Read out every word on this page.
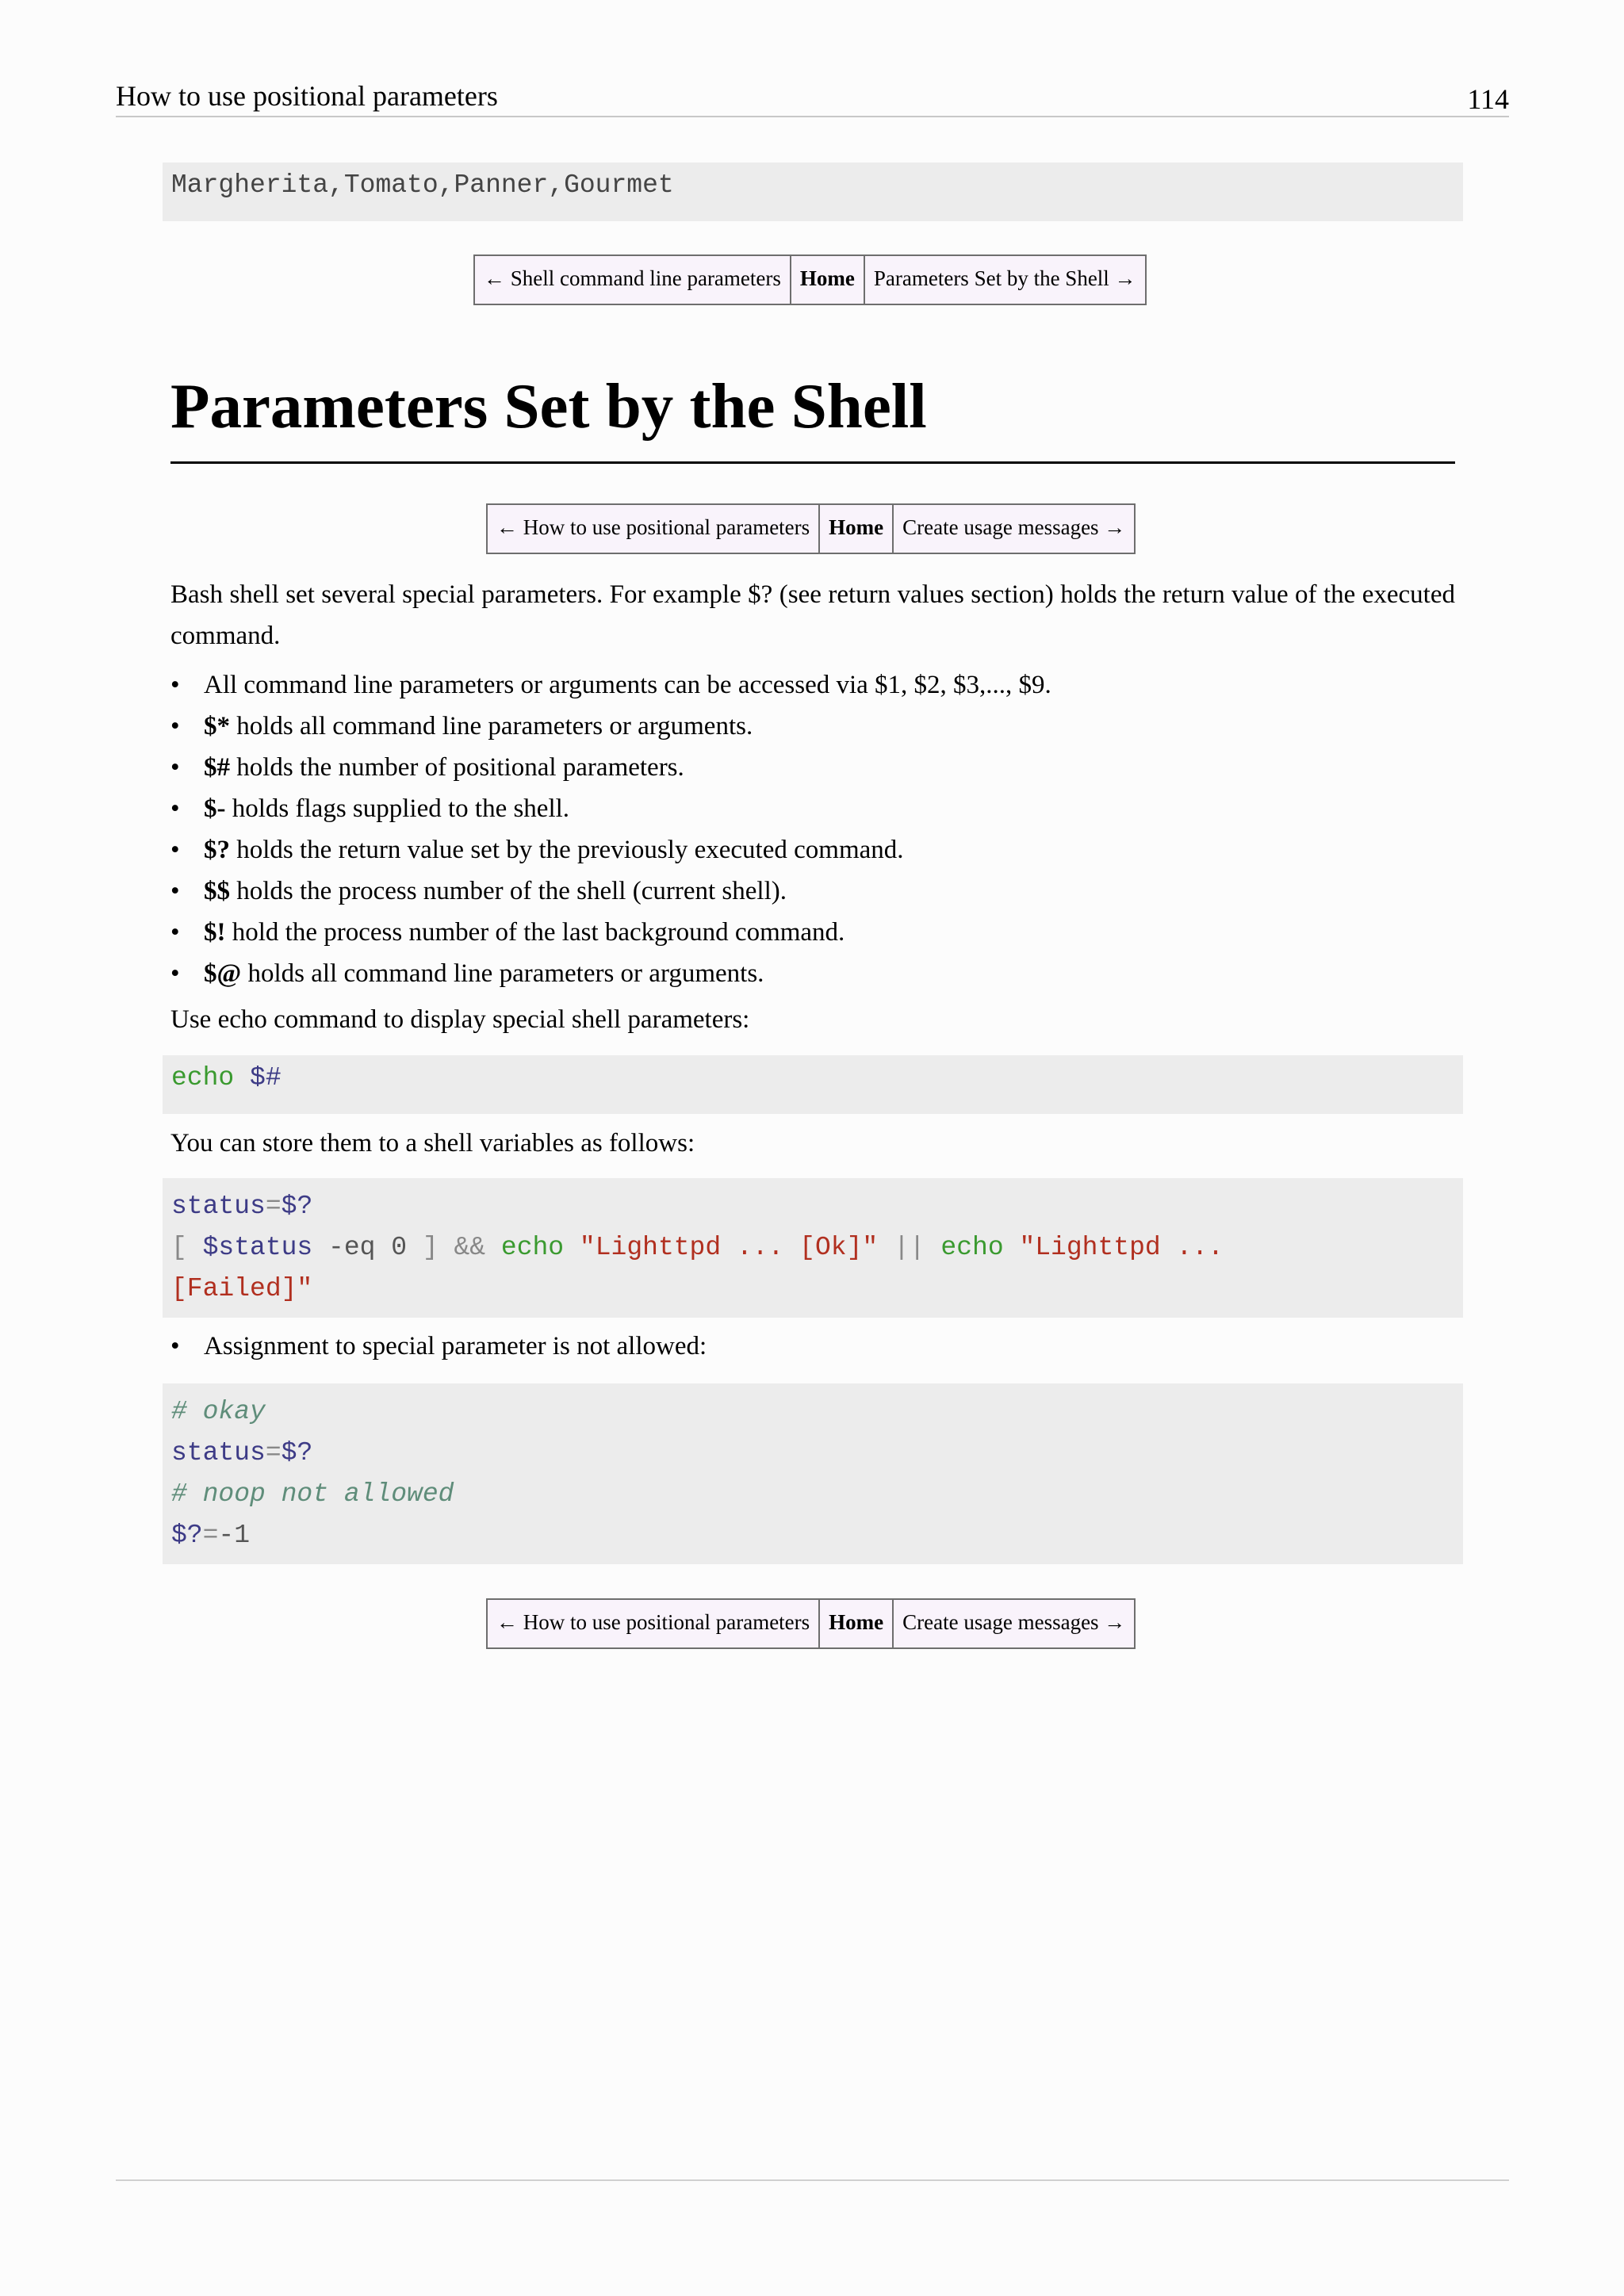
How to use positional parameters	114
Margherita,Tomato,Panner,Gourmet
← Shell command line parameters Home Parameters Set by the Shell →
Parameters Set by the Shell
← How to use positional parameters Home Create usage messages →

Bash shell set several special parameters. For example $? (see return values section) holds the return value of the executed command.

• All command line parameters or arguments can be accessed via $1, $2, $3,..., $9.
• $* holds all command line parameters or arguments.
• $# holds the number of positional parameters.
• $- holds flags supplied to the shell.
• $? holds the return value set by the previously executed command.
• $$ holds the process number of the shell (current shell).
• $! hold the process number of the last background command.
• $@ holds all command line parameters or arguments.

Use echo command to display special shell parameters:

echo $#

You can store them to a shell variables as follows:

status=$?
[ $status -eq 0 ] && echo "Lighttpd ... [Ok]" || echo "Lighttpd ...
[Failed]"
• Assignment to special parameter is not allowed:
# okay
status=$?
# noop not allowed
$?=-1
← How to use positional parameters Home Create usage messages →
